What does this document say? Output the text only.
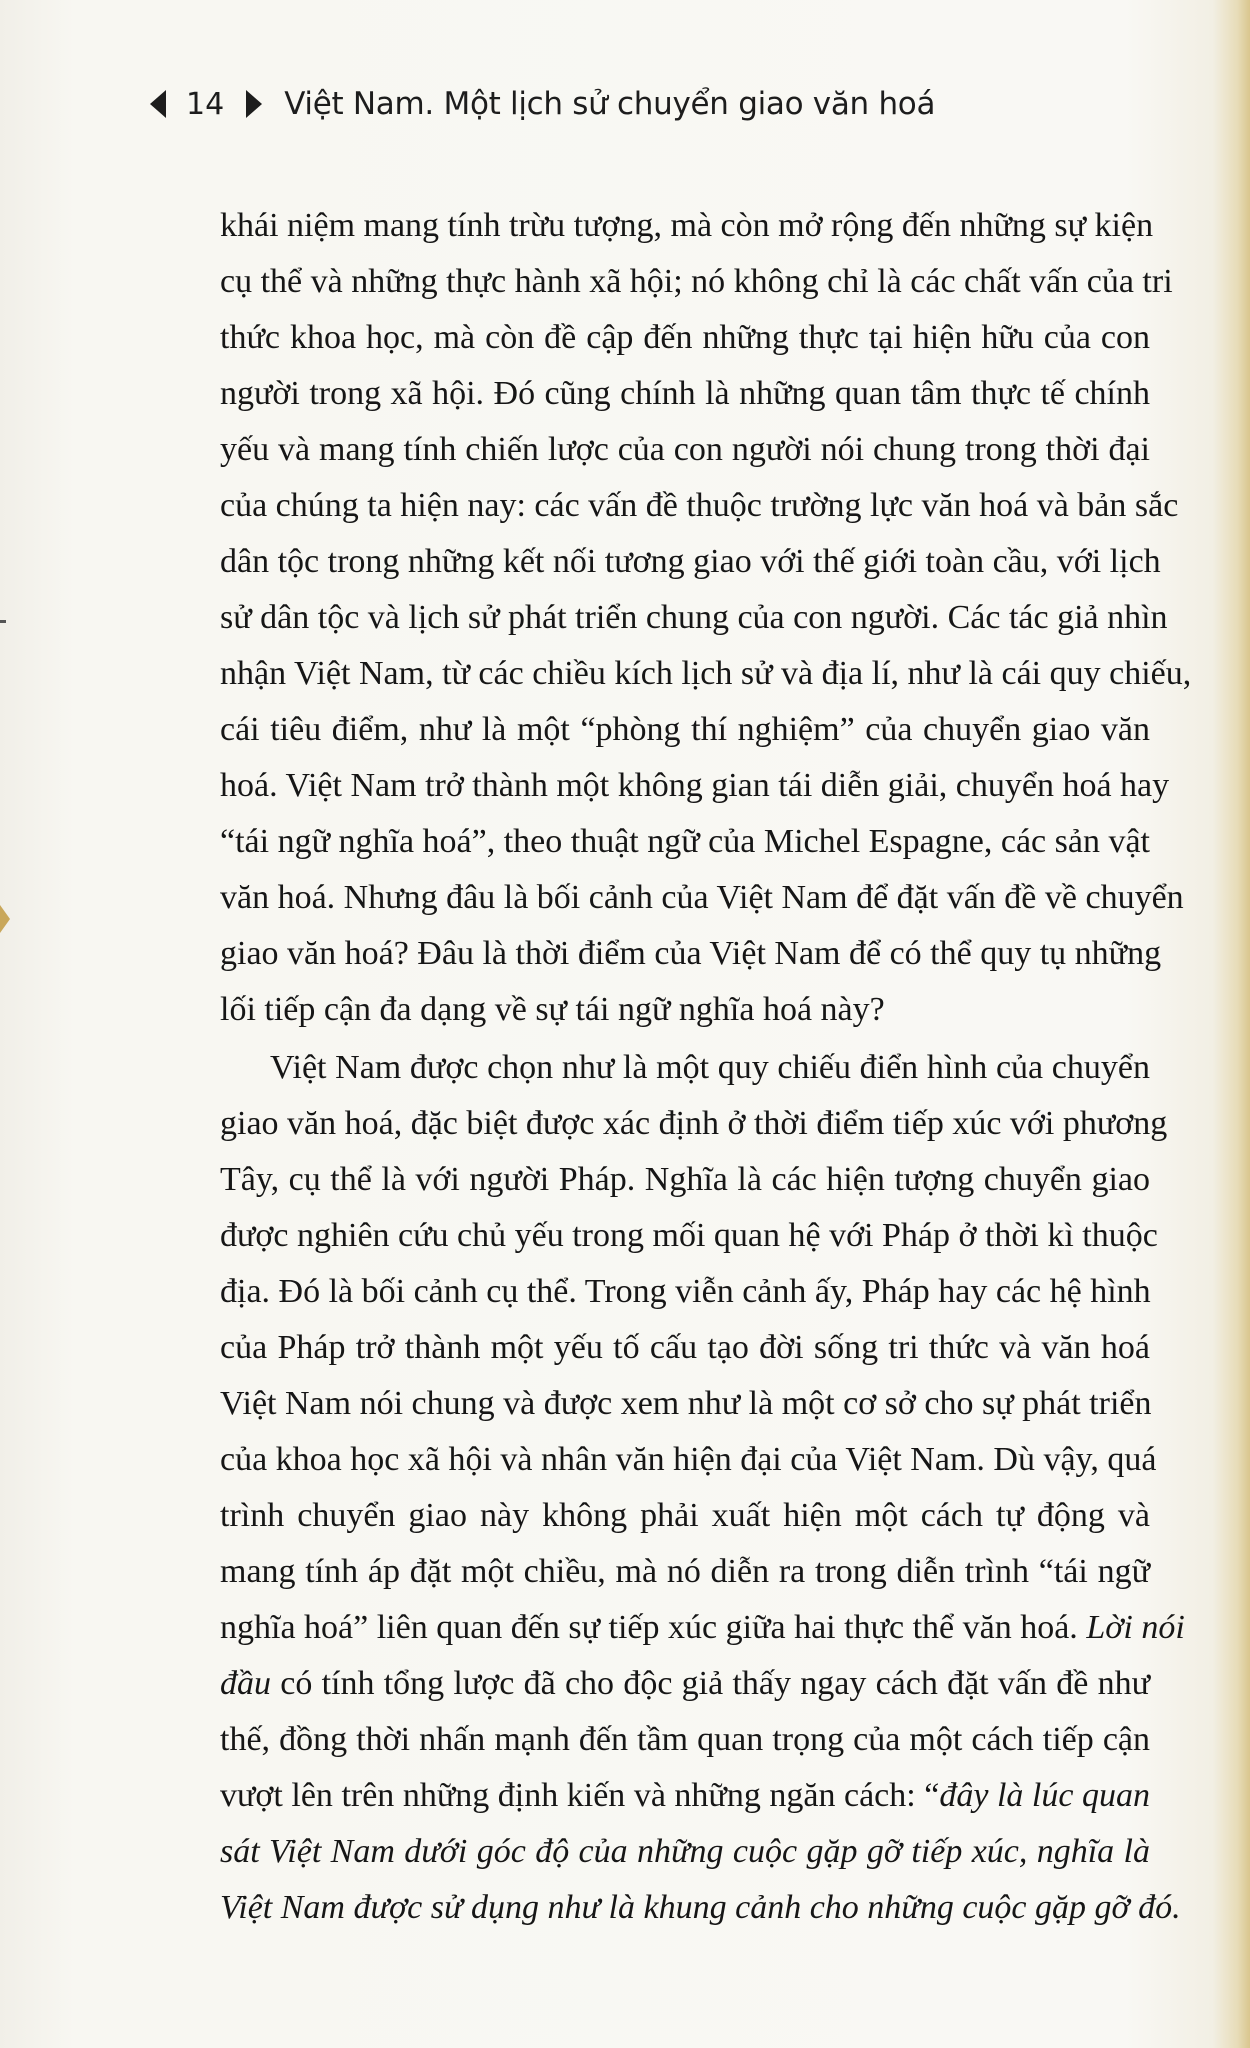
14 Việt Nam. Một lịch sử chuyển giao văn hoá
khái niệm mang tính trừu tượng, mà còn mở rộng đến những sự kiện
cụ thể và những thực hành xã hội; nó không chỉ là các chất vấn của tri
thức khoa học, mà còn đề cập đến những thực tại hiện hữu của con
người trong xã hội. Đó cũng chính là những quan tâm thực tế chính
yếu và mang tính chiến lược của con người nói chung trong thời đại
của chúng ta hiện nay: các vấn đề thuộc trường lực văn hoá và bản sắc
dân tộc trong những kết nối tương giao với thế giới toàn cầu, với lịch
sử dân tộc và lịch sử phát triển chung của con người. Các tác giả nhìn
nhận Việt Nam, từ các chiều kích lịch sử và địa lí, như là cái quy chiếu,
cái tiêu điểm, như là một “phòng thí nghiệm” của chuyển giao văn
hoá. Việt Nam trở thành một không gian tái diễn giải, chuyển hoá hay
“tái ngữ nghĩa hoá”, theo thuật ngữ của Michel Espagne, các sản vật
văn hoá. Nhưng đâu là bối cảnh của Việt Nam để đặt vấn đề về chuyển
giao văn hoá? Đâu là thời điểm của Việt Nam để có thể quy tụ những
lối tiếp cận đa dạng về sự tái ngữ nghĩa hoá này?
Việt Nam được chọn như là một quy chiếu điển hình của chuyển
giao văn hoá, đặc biệt được xác định ở thời điểm tiếp xúc với phương
Tây, cụ thể là với người Pháp. Nghĩa là các hiện tượng chuyển giao
được nghiên cứu chủ yếu trong mối quan hệ với Pháp ở thời kì thuộc
địa. Đó là bối cảnh cụ thể. Trong viễn cảnh ấy, Pháp hay các hệ hình
của Pháp trở thành một yếu tố cấu tạo đời sống tri thức và văn hoá
Việt Nam nói chung và được xem như là một cơ sở cho sự phát triển
của khoa học xã hội và nhân văn hiện đại của Việt Nam. Dù vậy, quá
trình chuyển giao này không phải xuất hiện một cách tự động và
mang tính áp đặt một chiều, mà nó diễn ra trong diễn trình “tái ngữ
nghĩa hoá” liên quan đến sự tiếp xúc giữa hai thực thể văn hoá. Lời nói
đầu có tính tổng lược đã cho độc giả thấy ngay cách đặt vấn đề như
thế, đồng thời nhấn mạnh đến tầm quan trọng của một cách tiếp cận
vượt lên trên những định kiến và những ngăn cách: “đây là lúc quan
sát Việt Nam dưới góc độ của những cuộc gặp gỡ tiếp xúc, nghĩa là
Việt Nam được sử dụng như là khung cảnh cho những cuộc gặp gỡ đó.
